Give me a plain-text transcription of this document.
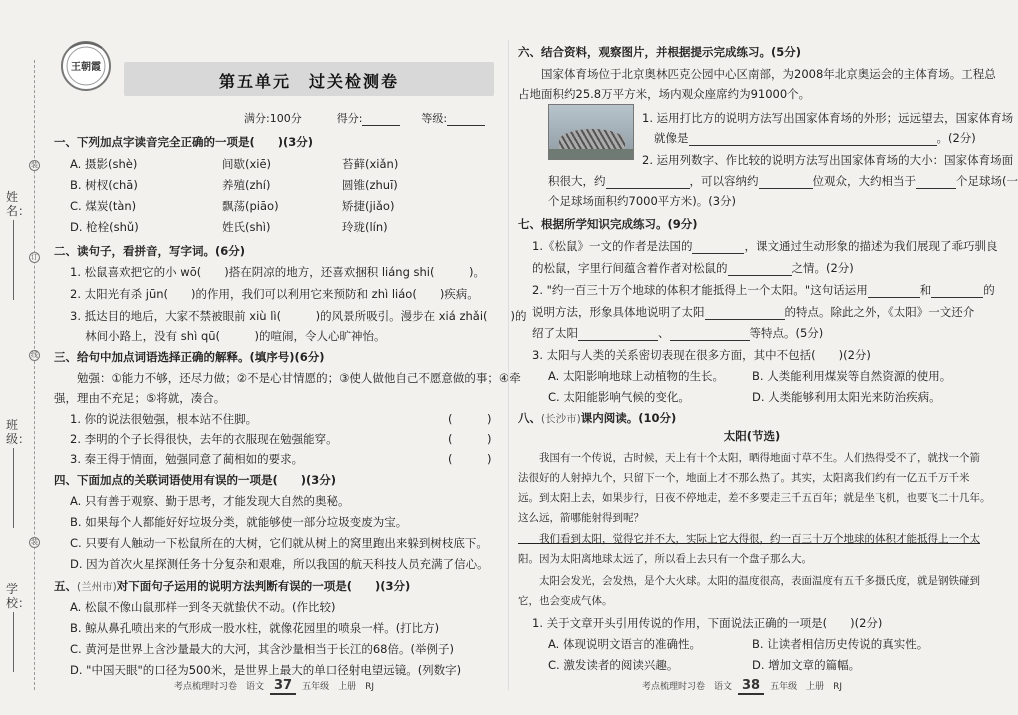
姓名：
班级：
学校：
装
订
线
装
王朝霞
第五单元　过关检测卷
满分:100分	得分:	等级:
一、下列加点字读音完全正确的一项是(　　)(3分)
A. 摄影(shè)	间歇(xiē)	苔藓(xiǎn)
B. 树杈(chā)	养殖(zhí)	圆锥(zhuī)
C. 煤炭(tàn)	飘荡(piāo)	矫捷(jiǎo)
D. 枪栓(shǔ)	姓氏(shì)	玲珑(lín)
二、读句子，看拼音，写字词。(6分)
1. 松鼠喜欢把它的小 wō(　　)搭在阴凉的地方，还喜欢捆积 liáng shi(　　　)。
2. 太阳光有杀 jūn(　　)的作用，我们可以利用它来预防和 zhì liáo(　　)疾病。
3. 抵达目的地后，大家不禁被眼前 xiù lì(　　　)的风景所吸引。漫步在 xiá zhǎi(　　)的
　 林间小路上，没有 shì qū(　　　)的喧闹，令人心旷神怡。
三、给句中加点词语选择正确的解释。(填序号)(6分)
　　勉强：①能力不够，还尽力做；②不是心甘情愿的；③使人做他自己不愿意做的事；④牵
强，理由不充足；⑤将就，凑合。
1. 你的说法很勉强，根本站不住脚。	(　　　)
2. 李明的个子长得很快，去年的衣服现在勉强能穿。	(　　　)
3. 秦王得于情面，勉强同意了蔺相如的要求。	(　　　)
四、下面加点的关联词语使用有误的一项是(　　)(3分)
A. 只有善于观察、勤于思考，才能发现大自然的奥秘。
B. 如果每个人都能好好垃圾分类，就能够使一部分垃圾变废为宝。
C. 只要有人触动一下松鼠所在的大树，它们就从树上的窝里跑出来躲到树枝底下。
D. 因为首次火星探测任务十分复杂和艰难，所以我国的航天科技人员充满了信心。
五、(兰州市)对下面句子运用的说明方法判断有误的一项是(　　)(3分)
A. 松鼠不像山鼠那样一到冬天就蛰伏不动。(作比较)
B. 鲸从鼻孔喷出来的气形成一股水柱，就像花园里的喷泉一样。(打比方)
C. 黄河是世界上含沙量最大的大河，其含沙量相当于长江的68倍。(举例子)
D. "中国天眼"的口径为500米，是世界上最大的单口径射电望远镜。(列数字)
考点梳理时习卷　语文 37 五年级　上册　RJ
六、结合资料，观察图片，并根据提示完成练习。(5分)
　　国家体育场位于北京奥林匹克公园中心区南部，为2008年北京奥运会的主体育场。工程总
占地面积约25.8万平方米，场内观众座席约为91000个。
1. 运用打比方的说明方法写出国家体育场的外形；远远望去，国家体育场
就像是	。(2分)
2. 运用列数字、作比较的说明方法写出国家体育场的大小：国家体育场面
积很大，约	，可以容纳约	位观众，大约相当于	个足球场(一
个足球场面积约7000平方米)。(3分)
七、根据所学知识完成练习。(9分)
1.《松鼠》一文的作者是法国的	，课文通过生动形象的描述为我们展现了乖巧驯良
的松鼠，字里行间蕴含着作者对松鼠的	之情。(2分)
2. "约一百三十万个地球的体积才能抵得上一个太阳。"这句话运用	和	的
说明方法，形象具体地说明了太阳	的特点。除此之外，《太阳》一文还介
绍了太阳	、	等特点。(5分)
3. 太阳与人类的关系密切表现在很多方面，其中不包括(　　)(2分)
A. 太阳影响地球上动植物的生长。 B. 人类能利用煤炭等自然资源的使用。
C. 太阳能影响气候的变化。	D. 人类能够利用太阳光来防治疾病。
八、(长沙市)课内阅读。(10分)
太阳(节选)
　　我国有一个传说，古时候，天上有十个太阳，晒得地面寸草不生。人们热得受不了，就找一个箭
法很好的人射掉九个，只留下一个，地面上才不那么热了。其实，太阳离我们约有一亿五千万千米
远。到太阳上去，如果步行，日夜不停地走，差不多要走三千五百年；就是坐飞机，也要飞二十几年。
这么远，箭哪能射得到呢？
　　我们看到太阳，觉得它并不大，实际上它大得很，约一百三十万个地球的体积才能抵得上一个太
阳。因为太阳离地球太远了，所以看上去只有一个盘子那么大。
　　太阳会发光，会发热，是个大火球。太阳的温度很高，表面温度有五千多摄氏度，就是钢铁碰到
它，也会变成气体。
1. 关于文章开头引用传说的作用，下面说法正确的一项是(　　)(2分)
A. 体现说明文语言的准确性。	B. 让读者相信历史传说的真实性。
C. 激发读者的阅读兴趣。	D. 增加文章的篇幅。
考点梳理时习卷　语文 38 五年级　上册　RJ
